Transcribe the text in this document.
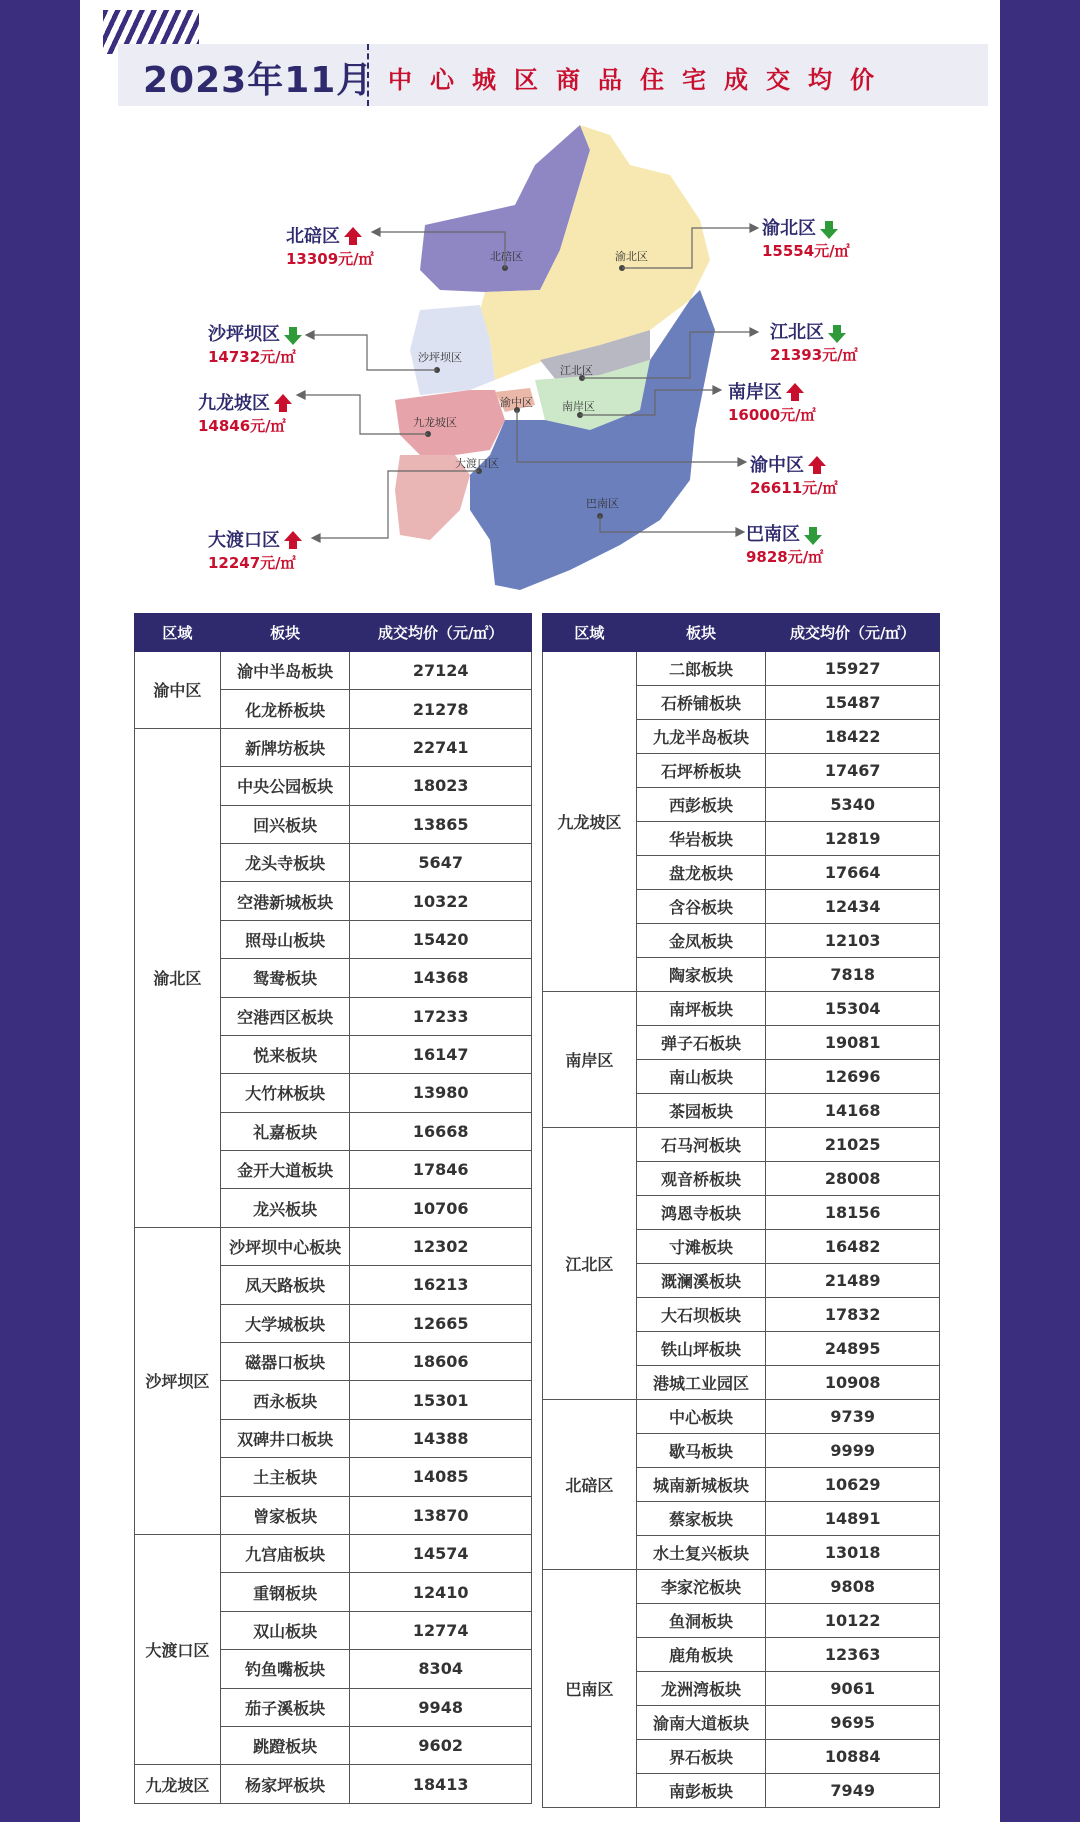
2023年11月 中心城区商品住宅成交均价
北碚区	渝北区
沙坪坝区
江北区
九龙坡区
渝中区	南岸区
大渡口区
巴南区
北碚区
13309元/㎡
渝北区
15554元/㎡
沙坪坝区
14732元/㎡
江北区
21393元/㎡
九龙坡区
14846元/㎡
南岸区
16000元/㎡
渝中区
26611元/㎡
巴南区
9828元/㎡
大渡口区
12247元/㎡
区域	板块	成交均价（元/㎡）
渝中区	渝中半岛板块	27124
	化龙桥板块	21278
渝北区	新牌坊板块	22741
	中央公园板块	18023
	回兴板块	13865
	龙头寺板块	5647
	空港新城板块	10322
	照母山板块	15420
	鸳鸯板块	14368
	空港西区板块	17233
	悦来板块	16147
	大竹林板块	13980
	礼嘉板块	16668
	金开大道板块	17846
	龙兴板块	10706
沙坪坝区	沙坪坝中心板块	12302
	凤天路板块	16213
	大学城板块	12665
	磁器口板块	18606
	西永板块	15301
	双碑井口板块	14388
	土主板块	14085
	曾家板块	13870
大渡口区	九宫庙板块	14574
	重钢板块	12410
	双山板块	12774
	钓鱼嘴板块	8304
	茄子溪板块	9948
	跳蹬板块	9602
九龙坡区	杨家坪板块	18413
区域	板块	成交均价（元/㎡）
九龙坡区	二郎板块	15927
	石桥铺板块	15487
	九龙半岛板块	18422
	石坪桥板块	17467
	西彭板块	5340
	华岩板块	12819
	盘龙板块	17664
	含谷板块	12434
	金凤板块	12103
	陶家板块	7818
南岸区	南坪板块	15304
	弹子石板块	19081
	南山板块	12696
	茶园板块	14168
江北区	石马河板块	21025
	观音桥板块	28008
	鸿恩寺板块	18156
	寸滩板块	16482
	溉澜溪板块	21489
	大石坝板块	17832
	铁山坪板块	24895
	港城工业园区	10908
北碚区	中心板块	9739
	歇马板块	9999
	城南新城板块	10629
	蔡家板块	14891
	水土复兴板块	13018
巴南区	李家沱板块	9808
	鱼洞板块	10122
	鹿角板块	12363
	龙洲湾板块	9061
	渝南大道板块	9695
	界石板块	10884
	南彭板块	7949
